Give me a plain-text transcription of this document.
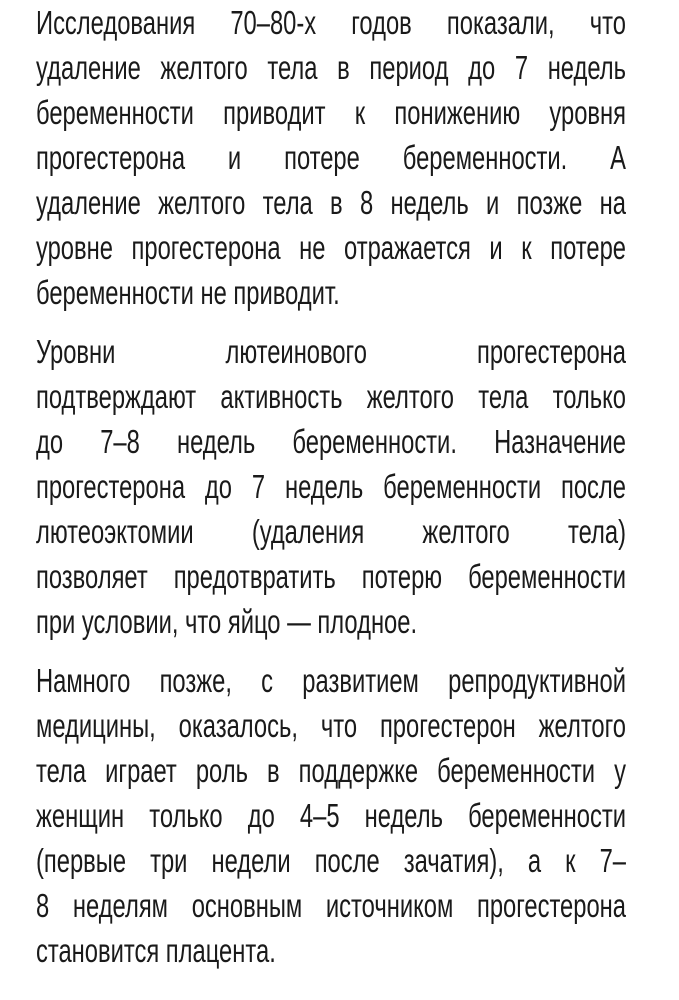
Исследования 70–80-х годов показали, что
удаление желтого тела в период до 7 недель
беременности приводит к понижению уровня
прогестерона и потере беременности. А
удаление желтого тела в 8 недель и позже на
уровне прогестерона не отражается и к потере
беременности не приводит.
Уровни лютеинового прогестерона
подтверждают активность желтого тела только
до 7–8 недель беременности. Назначение
прогестерона до 7 недель беременности после
лютеоэктомии (удаления желтого тела)
позволяет предотвратить потерю беременности
при условии, что яйцо — плодное.
Намного позже, с развитием репродуктивной
медицины, оказалось, что прогестерон желтого
тела играет роль в поддержке беременности у
женщин только до 4–5 недель беременности
(первые три недели после зачатия), а к 7–
8 неделям основным источником прогестерона
становится плацента.
